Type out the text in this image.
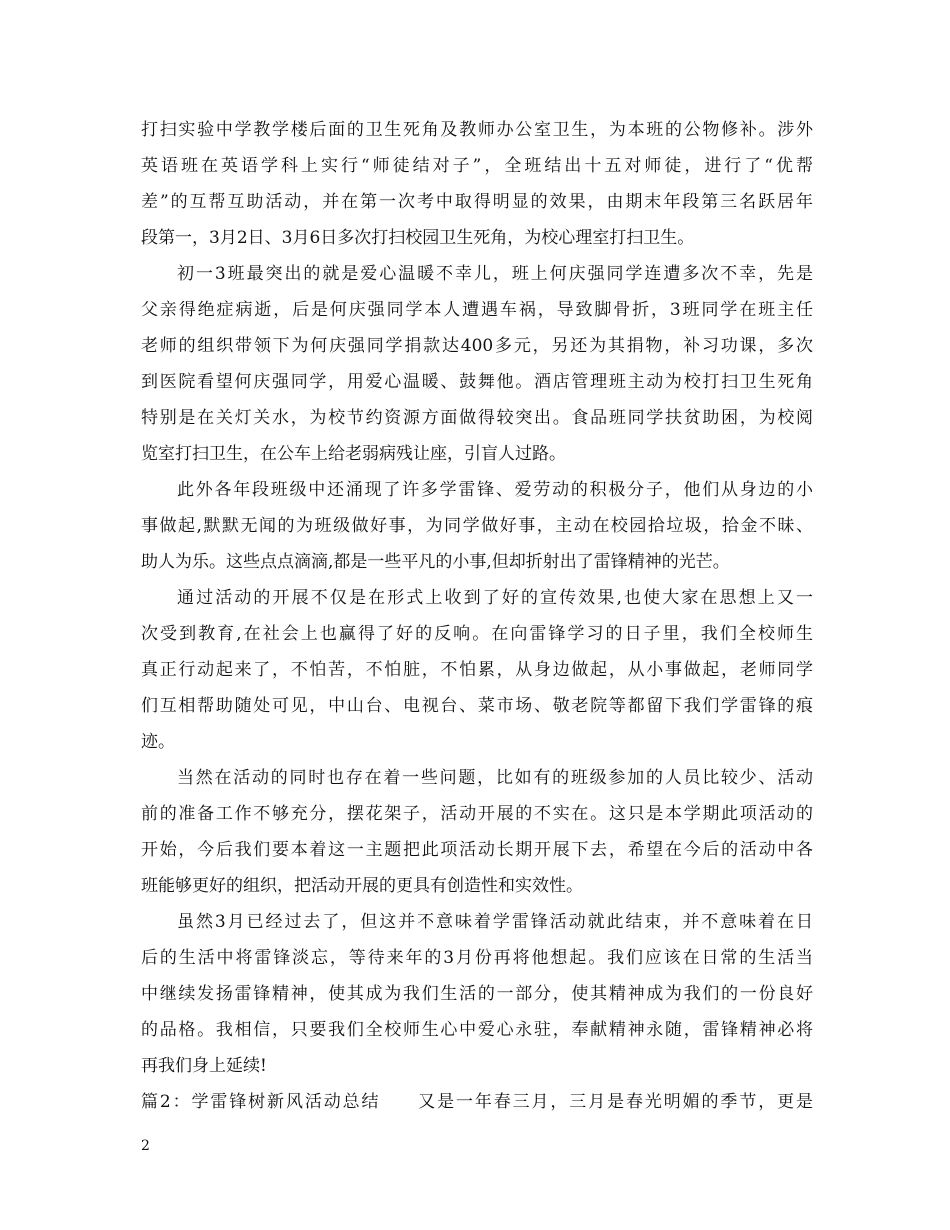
打扫实验中学教学楼后面的卫生死角及教师办公室卫生，为本班的公物修补。涉外
英语班在英语学科上实行“师徒结对子”，全班结出十五对师徒，进行了“优帮
差”的互帮互助活动，并在第一次考中取得明显的效果，由期末年段第三名跃居年
段第一，3月2日、3月6日多次打扫校园卫生死角，为校心理室打扫卫生。
初一3班最突出的就是爱心温暖不幸儿，班上何庆强同学连遭多次不幸，先是
父亲得绝症病逝，后是何庆强同学本人遭遇车祸，导致脚骨折，3班同学在班主任
老师的组织带领下为何庆强同学捐款达400多元，另还为其捐物，补习功课，多次
到医院看望何庆强同学，用爱心温暖、鼓舞他。酒店管理班主动为校打扫卫生死角
特别是在关灯关水，为校节约资源方面做得较突出。食品班同学扶贫助困，为校阅
览室打扫卫生，在公车上给老弱病残让座，引盲人过路。
此外各年段班级中还涌现了许多学雷锋、爱劳动的积极分子，他们从身边的小
事做起,默默无闻的为班级做好事，为同学做好事，主动在校园拾垃圾，拾金不昧、
助人为乐。这些点点滴滴,都是一些平凡的小事,但却折射出了雷锋精神的光芒。
通过活动的开展不仅是在形式上收到了好的宣传效果,也使大家在思想上又一
次受到教育,在社会上也赢得了好的反响。在向雷锋学习的日子里，我们全校师生
真正行动起来了，不怕苦，不怕脏，不怕累，从身边做起，从小事做起，老师同学
们互相帮助随处可见，中山台、电视台、菜市场、敬老院等都留下我们学雷锋的痕
迹。
当然在活动的同时也存在着一些问题，比如有的班级参加的人员比较少、活动
前的准备工作不够充分，摆花架子，活动开展的不实在。这只是本学期此项活动的
开始，今后我们要本着这一主题把此项活动长期开展下去，希望在今后的活动中各
班能够更好的组织，把活动开展的更具有创造性和实效性。
虽然3月已经过去了，但这并不意味着学雷锋活动就此结束，并不意味着在日
后的生活中将雷锋淡忘，等待来年的3月份再将他想起。我们应该在日常的生活当
中继续发扬雷锋精神，使其成为我们生活的一部分，使其精神成为我们的一份良好
的品格。我相信，只要我们全校师生心中爱心永驻，奉献精神永随，雷锋精神必将
再我们身上延续!
篇2：学雷锋树新风活动总结　　又是一年春三月，三月是春光明媚的季节，更是
2
